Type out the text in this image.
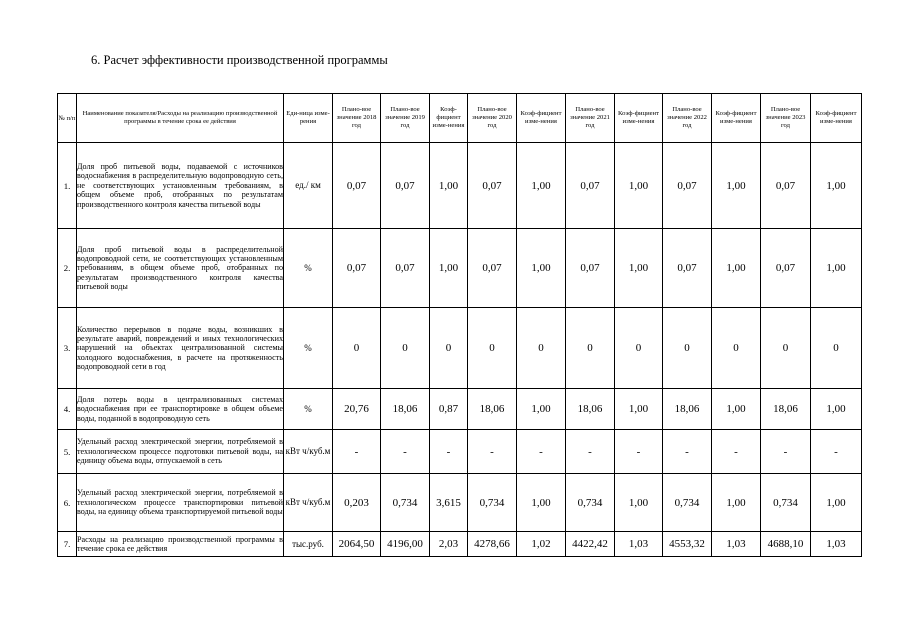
6. Расчет эффективности производственной программы
№ п/п	Наименование показателя/Расходы на реализацию производственной программы в течение срока ее действия	Еди-ница изме-рения	Плано-вое значение 2018 год	Плано-вое значение 2019 год	Коэф-фициент изме-нения	Плано-вое значение 2020 год	Коэф-фициент изме-нения	Плано-вое значение 2021 год	Коэф-фициент изме-нения	Плано-вое значение 2022 год	Коэф-фициент изме-нения	Плано-вое значение 2023 год	Коэф-фициент изме-нения
1.	Доля проб питьевой воды, подаваемой с источников водоснабжения в распределительную водопроводную сеть, не соответствующих установленным требованиям, в общем объеме проб, отобранных по результатам производственного контроля качества питьевой воды	ед./ км	0,07	0,07	1,00	0,07	1,00	0,07	1,00	0,07	1,00	0,07	1,00
2.	Доля проб питьевой воды в распределительной водопроводной сети, не соответствующих установленным требованиям, в общем объеме проб, отобранных по результатам производственного контроля качества питьевой воды	%	0,07	0,07	1,00	0,07	1,00	0,07	1,00	0,07	1,00	0,07	1,00
3.	Количество перерывов в подаче воды, возникших в результате аварий, повреждений и иных технологических нарушений на объектах централизованной системы холодного водоснабжения, в расчете на протяженность водопроводной сети в год	%	0	0	0	0	0	0	0	0	0	0	0
4.	Доля потерь воды в централизованных системах водоснабжения при ее транспортировке в общем объеме воды, поданной в водопроводную сеть	%	20,76	18,06	0,87	18,06	1,00	18,06	1,00	18,06	1,00	18,06	1,00
5.	Удельный расход электрической энергии, потребляемой в технологическом процессе подготовки питьевой воды, на единицу объема воды, отпускаемой в сеть	кВт ч/куб.м	-	-	-	-	-	-	-	-	-	-	-
6.	Удельный расход электрической энергии, потребляемой в технологическом процессе транспортировки питьевой воды, на единицу объема транспортируемой питьевой воды	кВт ч/куб.м	0,203	0,734	3,615	0,734	1,00	0,734	1,00	0,734	1,00	0,734	1,00
7.	Расходы на реализацию производственной программы в течение срока ее действия	тыс.руб.	2064,50	4196,00	2,03	4278,66	1,02	4422,42	1,03	4553,32	1,03	4688,10	1,03
